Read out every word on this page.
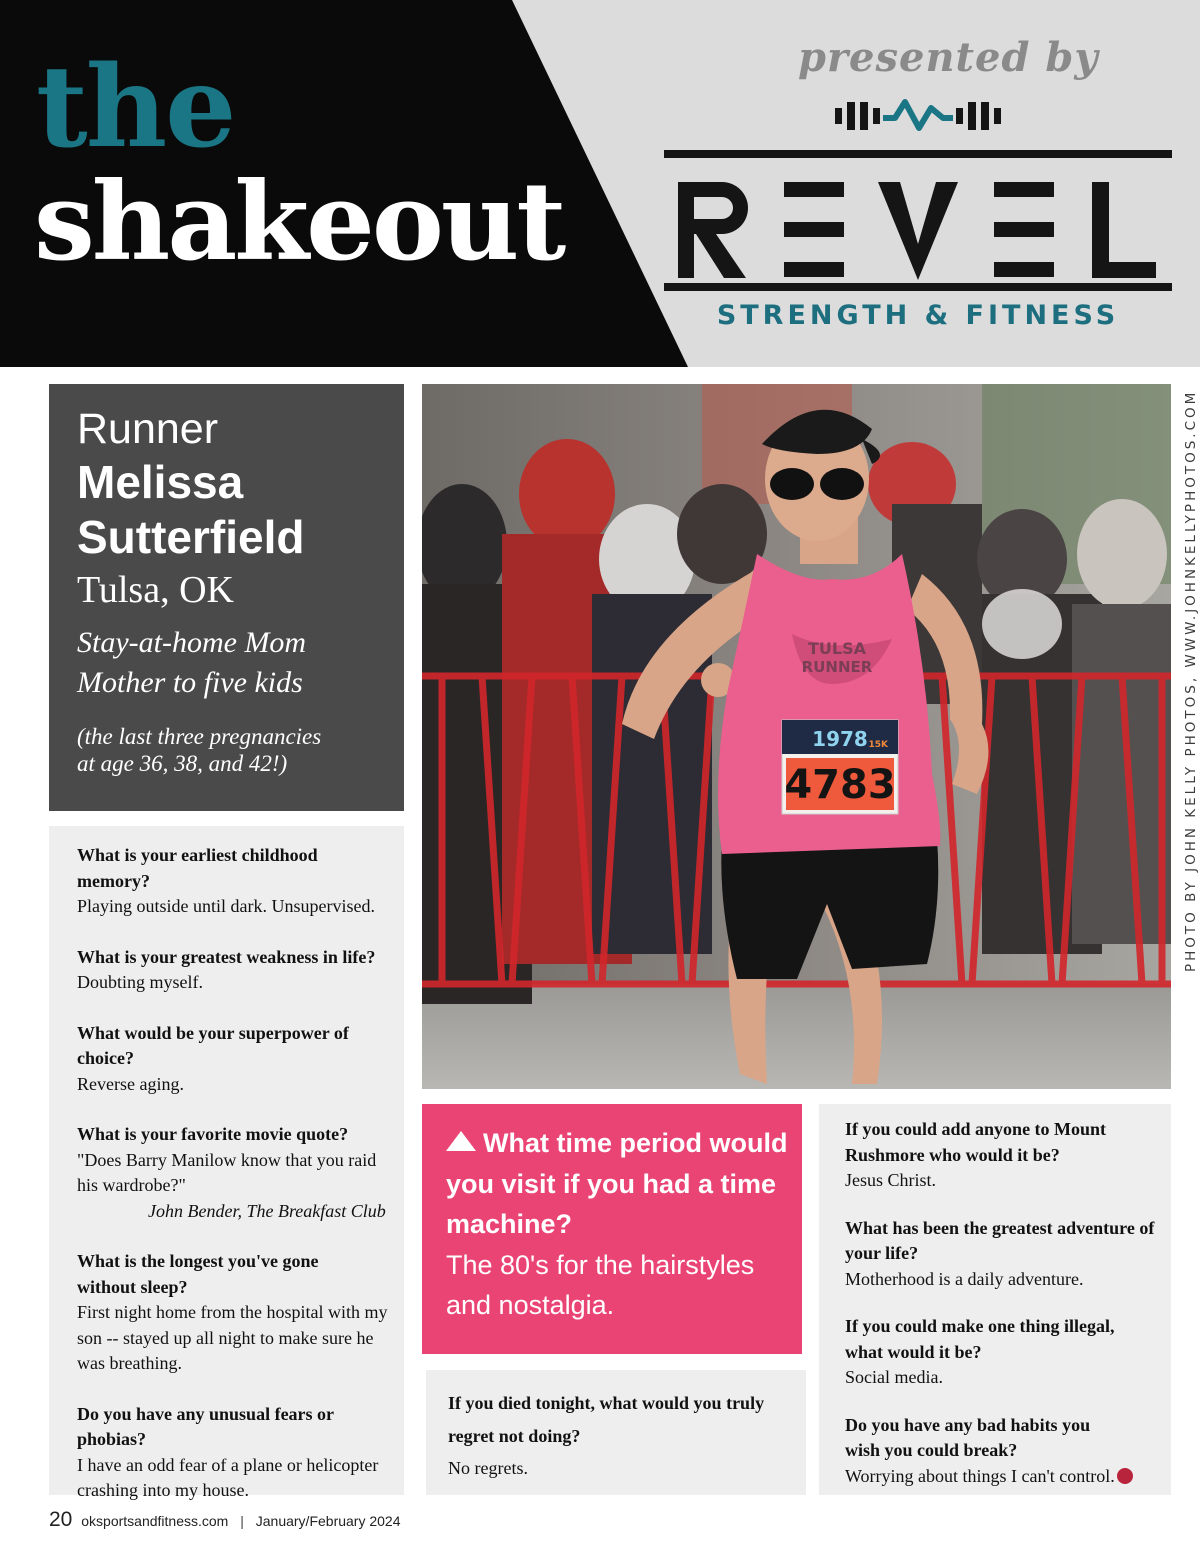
the
shakeout
presented by
STRENGTH & FITNESS
Runner
Melissa
Sutterfield
Tulsa, OK
Stay-at-home Mom
Mother to five kids
(the last three pregnancies
at age 36, 38, and 42!)
What is your earliest childhood memory?
Playing outside until dark. Unsupervised.
What is your greatest weakness in life?
Doubting myself.
What would be your superpower of choice?
Reverse aging.
What is your favorite movie quote?
"Does Barry Manilow know that you raid his wardrobe?"
John Bender, The Breakfast Club
What is the longest you've gone without sleep?
First night home from the hospital with my son -- stayed up all night to make sure he was breathing.
Do you have any unusual fears or phobias?
I have an odd fear of a plane or helicopter crashing into my house.
TULSA
RUNNER
1978 15K
4783	PHOTO BY JOHN KELLY PHOTOS, WWW.JOHNKELLYPHOTOS.COM
What time period would you visit if you had a time machine?
The 80's for the hairstyles and nostalgia.
If you died tonight, what would you truly regret not doing?
No regrets.
If you could add anyone to Mount Rushmore who would it be?
Jesus Christ.
What has been the greatest adventure of your life?
Motherhood is a daily adventure.
If you could make one thing illegal, what would it be?
Social media.
Do you have any bad habits you wish you could break?
Worrying about things I can't control.
20 oksportsandfitness.com | January/February 2024
